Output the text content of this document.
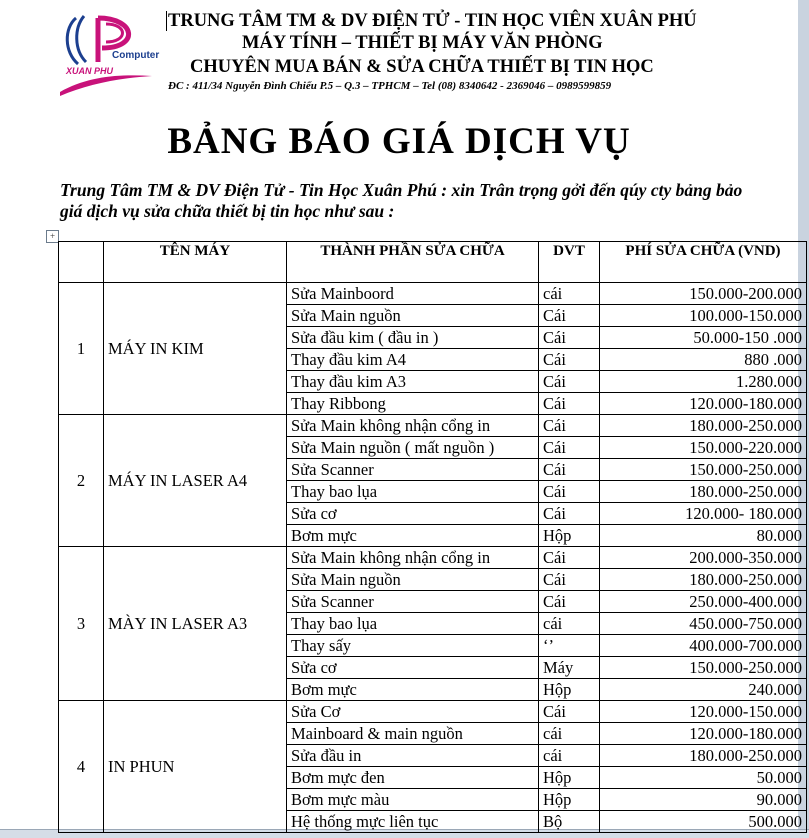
Computer
XUAN PHU
TRUNG TÂM TM & DV ĐIỆN TỬ - TIN HỌC VIÊN XUÂN PHÚ
MÁY TÍNH – THIẾT BỊ MÁY VĂN PHÒNG
CHUYÊN MUA BÁN & SỬA CHỮA THIẾT BỊ TIN HỌC
ĐC : 411/34 Nguyễn Đình Chiểu P.5 – Q.3 – TPHCM – Tel (08) 8340642 - 2369046 – 0989599859
BẢNG BÁO GIÁ DỊCH VỤ
Trung Tâm TM & DV Điện Tử - Tin Học Xuân Phú : xin Trân trọng gởi đến qúy cty bảng bảo giá dịch vụ sửa chữa thiết bị tin học như sau :
+
	TÊN MÁY	THÀNH PHẦN SỬA CHỮA	DVT	PHÍ SỬA CHỮA (VND)
1	MÁY IN KIM	Sửa Mainboord	cái	150.000-200.000
		Sửa Main nguồn	Cái	100.000-150.000
		Sửa đầu kim ( đầu in )	Cái	50.000-150 .000
		Thay đầu kim A4	Cái	880 .000
		Thay đầu kim A3	Cái	1.280.000
		Thay Ribbong	Cái	120.000-180.000
2	MÁY IN LASER A4	Sửa Main không nhận cổng in	Cái	180.000-250.000
		Sửa Main nguồn ( mất nguồn )	Cái	150.000-220.000
		Sửa Scanner	Cái	150.000-250.000
		Thay bao lụa	Cái	180.000-250.000
		Sửa cơ	Cái	120.000- 180.000
		Bơm mực	Hộp	80.000
3	MÀY IN LASER A3	Sửa Main không nhận cổng in	Cái	200.000-350.000
		Sửa Main nguồn	Cái	180.000-250.000
		Sửa Scanner	Cái	250.000-400.000
		Thay bao lụa	cái	450.000-750.000
		Thay sấy	‘’	400.000-700.000
		Sửa cơ	Máy	150.000-250.000
		Bơm mực	Hộp	240.000
4	IN PHUN	Sửa Cơ	Cái	120.000-150.000
		Mainboard & main nguồn	cái	120.000-180.000
		Sửa đầu in	cái	180.000-250.000
		Bơm mực đen	Hộp	50.000
		Bơm mực màu	Hộp	90.000
		Hệ thống mực liên tục	Bộ	500.000
